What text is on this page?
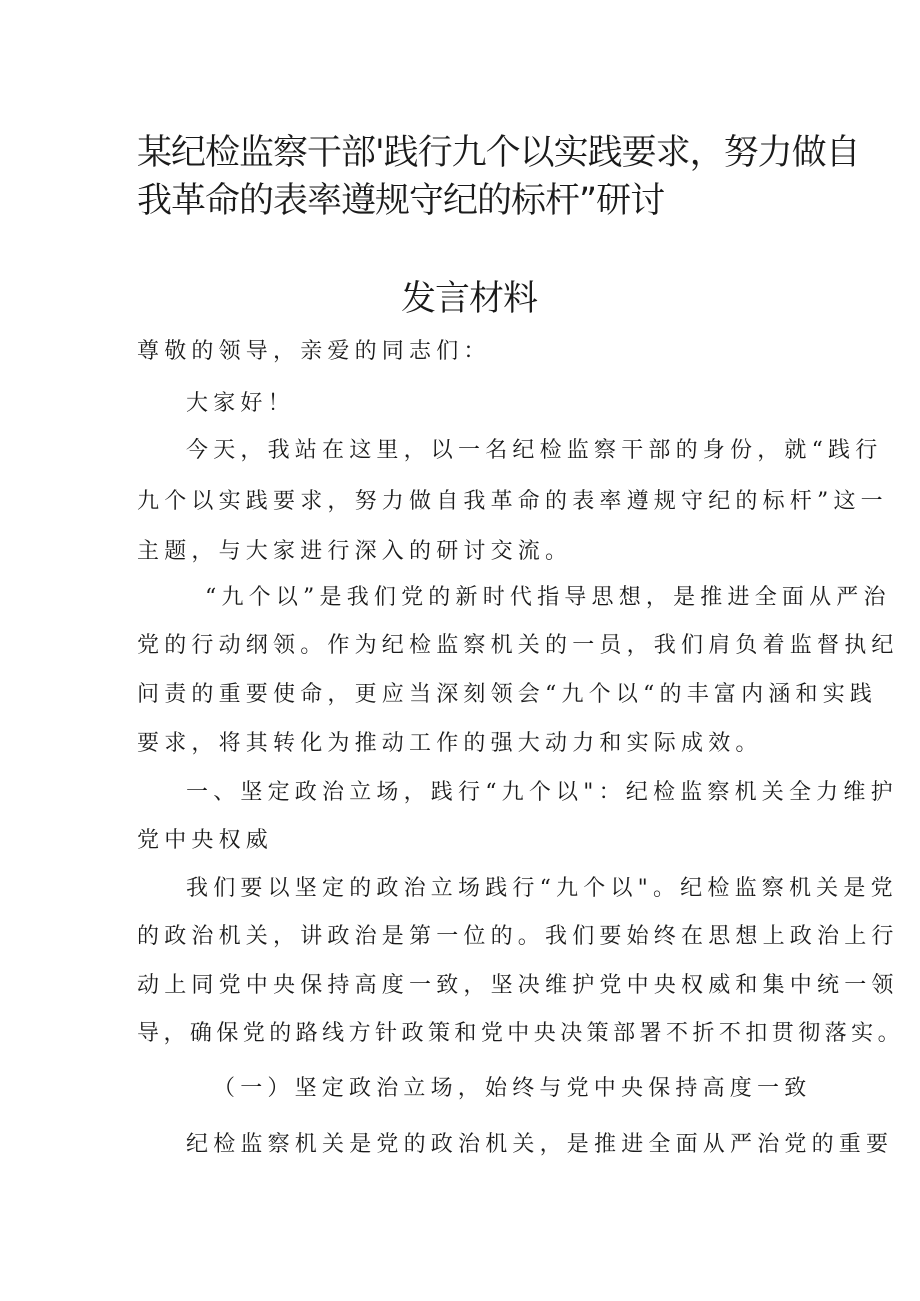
某纪检监察干部'践行九个以实践要求，努力做自
我革命的表率遵规守纪的标杆”研讨
发言材料
尊敬的领导，亲爱的同志们：
大家好！
今天，我站在这里，以一名纪检监察干部的身份，就“践行
九个以实践要求，努力做自我革命的表率遵规守纪的标杆”这一
主题，与大家进行深入的研讨交流。
“九个以”是我们党的新时代指导思想，是推进全面从严治
党的行动纲领。作为纪检监察机关的一员，我们肩负着监督执纪
问责的重要使命，更应当深刻领会“九个以“的丰富内涵和实践
要求，将其转化为推动工作的强大动力和实际成效。
一、坚定政治立场，践行“九个以"：纪检监察机关全力维护
党中央权威
我们要以坚定的政治立场践行“九个以"。纪检监察机关是党
的政治机关，讲政治是第一位的。我们要始终在思想上政治上行
动上同党中央保持高度一致，坚决维护党中央权威和集中统一领
导，确保党的路线方针政策和党中央决策部署不折不扣贯彻落实。
（一）坚定政治立场，始终与党中央保持高度一致
纪检监察机关是党的政治机关，是推进全面从严治党的重要
